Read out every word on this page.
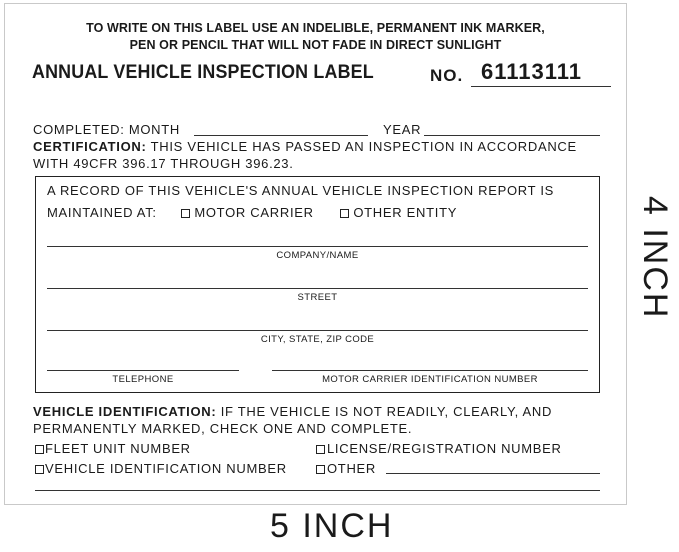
TO WRITE ON THIS LABEL USE AN INDELIBLE, PERMANENT INK MARKER,
PEN OR PENCIL THAT WILL NOT FADE IN DIRECT SUNLIGHT
ANNUAL VEHICLE INSPECTION LABEL	NO. 61113111
COMPLETED: MONTH	YEAR
CERTIFICATION: THIS VEHICLE HAS PASSED AN INSPECTION IN ACCORDANCE
WITH 49CFR 396.17 THROUGH 396.23.
A RECORD OF THIS VEHICLE'S ANNUAL VEHICLE INSPECTION REPORT IS
MAINTAINED AT:	MOTOR CARRIER	OTHER ENTITY
COMPANY/NAME
STREET
CITY, STATE, ZIP CODE
TELEPHONE	MOTOR CARRIER IDENTIFICATION NUMBER
VEHICLE IDENTIFICATION: IF THE VEHICLE IS NOT READILY, CLEARLY, AND
PERMANENTLY MARKED, CHECK ONE AND COMPLETE.
FLEET UNIT NUMBER	LICENSE/REGISTRATION NUMBER
VEHICLE IDENTIFICATION NUMBER	OTHER
5 INCH
4 INCH
